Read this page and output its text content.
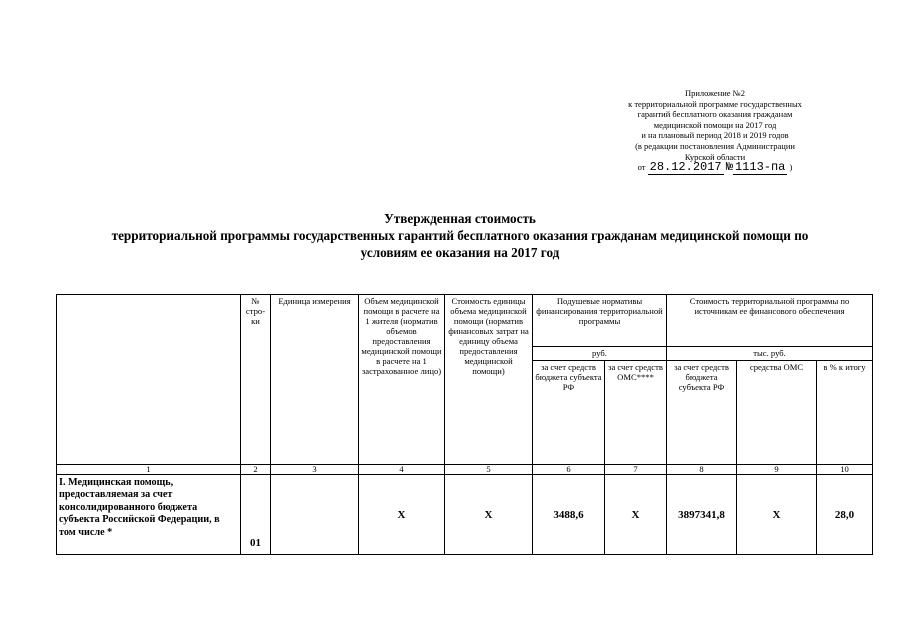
Приложение №2
к территориальной программе государственных
гарантий бесплатного оказания гражданам
медицинской помощи на 2017 год
и на плановый период 2018 и 2019 годов
(в редакции постановления Администрации
Курской области
от 28.12.2017 № 1113-па )
Утвержденная стоимость
территориальной программы государственных гарантий бесплатного оказания гражданам медицинской помощи по
условиям ее оказания на 2017 год
	№ стро- ки	Единица измерения	Объем медицинской помощи в расчете на 1 жителя (норматив объемов предоставления медицинской помощи в расчете на 1 застрахованное лицо)	Стоимость единицы объема медицинской помощи (норматив финансовых затрат на единицу объема предоставления медицинской помощи)	Подушевые нормативы финансирования территориальной программы		Стоимость территориальной программы по источникам ее финансового обеспечения		
					руб.		тыс. руб.		
					за счет средств бюджета субъекта РФ	за счет средств ОМС****	за счет средств бюджета субъекта РФ	средства ОМС	в % к итогу
1	2	3	4	5	6	7	8	9	10
I. Медицинская помощь, предоставляемая за счет консолидированного бюджета субъекта Российской Федерации, в том числе *	01		X	X	3488,6	X	3897341,8	X	28,0
